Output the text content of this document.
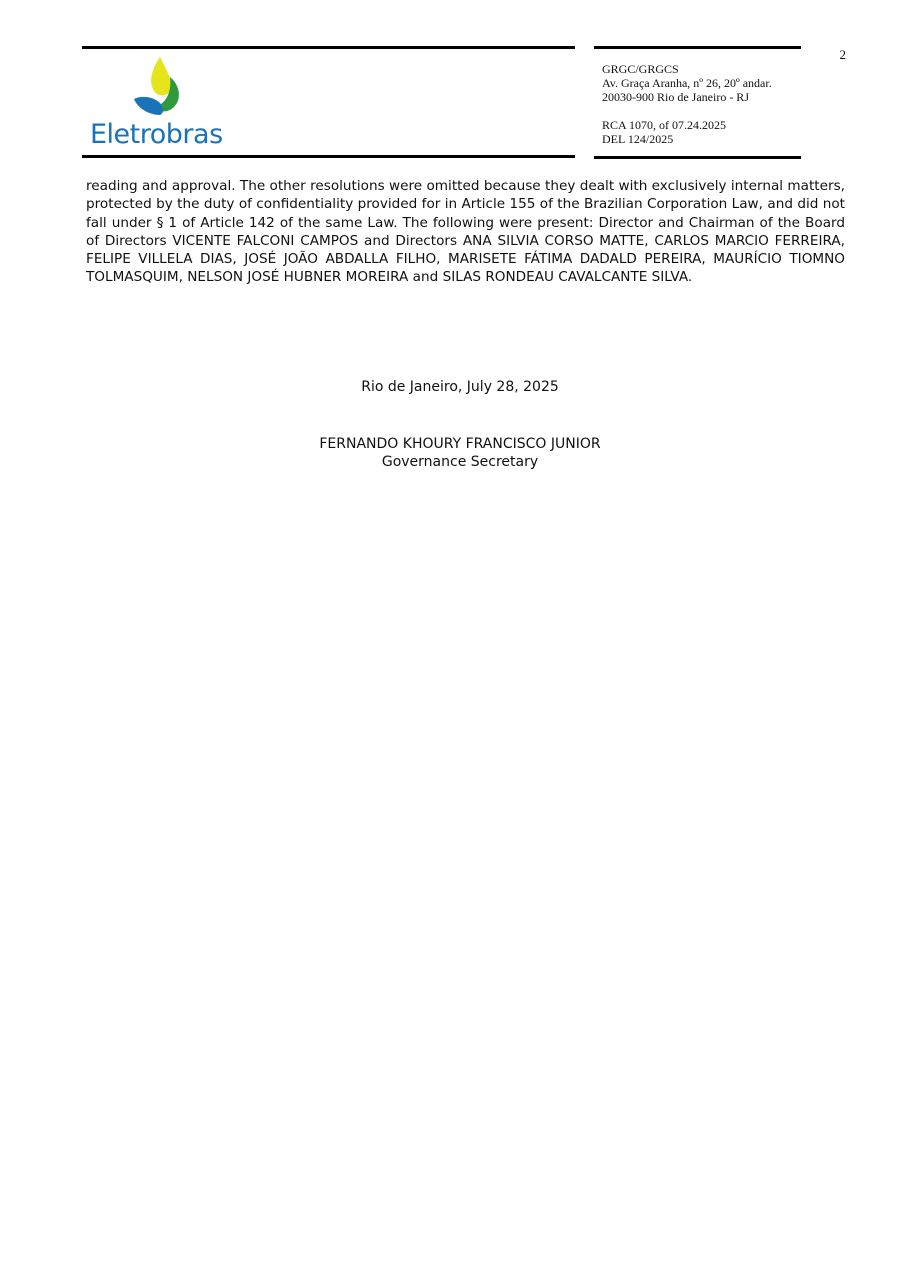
2
Eletrobras
GRGC/GRGCS
Av. Graça Aranha, nº 26, 20º andar.
20030-900 Rio de Janeiro - RJ
RCA 1070, of 07.24.2025
DEL 124/2025

reading and approval. The other resolutions were omitted because they dealt with exclusively internal matters, protected by the duty of confidentiality provided for in Article 155 of the Brazilian Corporation Law, and did not fall under § 1 of Article 142 of the same Law. The following were present: Director and Chairman of the Board of Directors VICENTE FALCONI CAMPOS and Directors ANA SILVIA CORSO MATTE, CARLOS MARCIO FERREIRA, FELIPE VILLELA DIAS, JOSÉ JOÃO ABDALLA FILHO, MARISETE FÁTIMA DADALD PEREIRA, MAURÍCIO TIOMNO TOLMASQUIM, NELSON JOSÉ HUBNER MOREIRA and SILAS RONDEAU CAVALCANTE SILVA.

Rio de Janeiro, July 28, 2025
FERNANDO KHOURY FRANCISCO JUNIOR
Governance Secretary
